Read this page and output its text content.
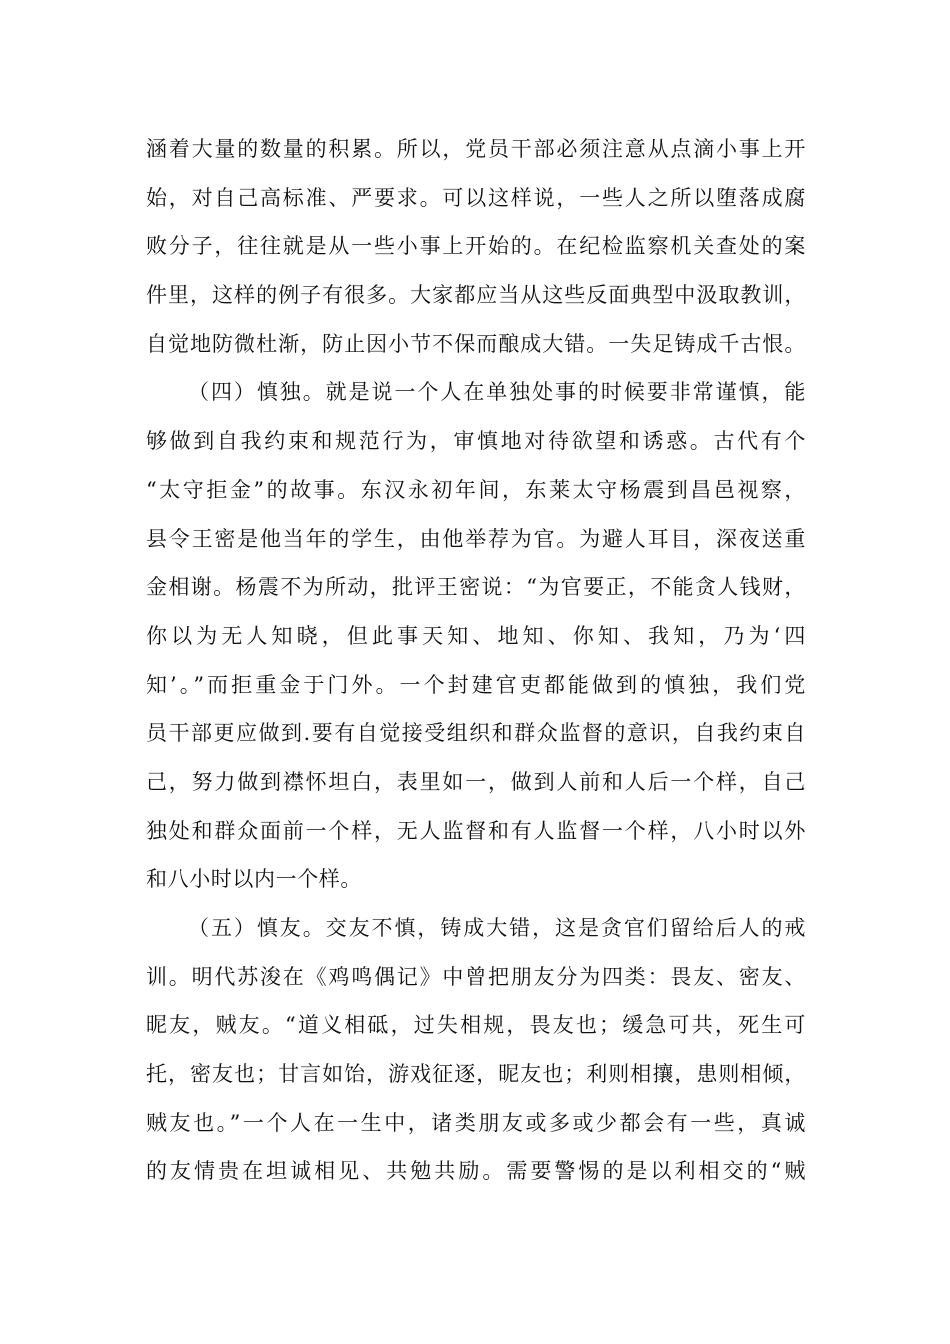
涵着大量的数量的积累。所以，党员干部必须注意从点滴小事上开
始，对自己高标准、严要求。可以这样说，一些人之所以堕落成腐
败分子，往往就是从一些小事上开始的。在纪检监察机关查处的案
件里，这样的例子有很多。大家都应当从这些反面典型中汲取教训，
自觉地防微杜渐，防止因小节不保而酿成大错。一失足铸成千古恨。
（四）慎独。就是说一个人在单独处事的时候要非常谨慎，能
够做到自我约束和规范行为，审慎地对待欲望和诱惑。古代有个
“太守拒金”的故事。东汉永初年间，东莱太守杨震到昌邑视察，
县令王密是他当年的学生，由他举荐为官。为避人耳目，深夜送重
金相谢。杨震不为所动，批评王密说：“为官要正，不能贪人钱财，
你以为无人知晓，但此事天知、地知、你知、我知，乃为‘四
知’。”而拒重金于门外。一个封建官吏都能做到的慎独，我们党
员干部更应做到.要有自觉接受组织和群众监督的意识，自我约束自
己，努力做到襟怀坦白，表里如一，做到人前和人后一个样，自己
独处和群众面前一个样，无人监督和有人监督一个样，八小时以外
和八小时以内一个样。
（五）慎友。交友不慎，铸成大错，这是贪官们留给后人的戒
训。明代苏浚在《鸡鸣偶记》中曾把朋友分为四类：畏友、密友、
昵友，贼友。“道义相砥，过失相规，畏友也；缓急可共，死生可
托，密友也；甘言如饴，游戏征逐，昵友也；利则相攘，患则相倾，
贼友也。”一个人在一生中，诸类朋友或多或少都会有一些，真诚
的友情贵在坦诚相见、共勉共励。需要警惕的是以利相交的“贼
